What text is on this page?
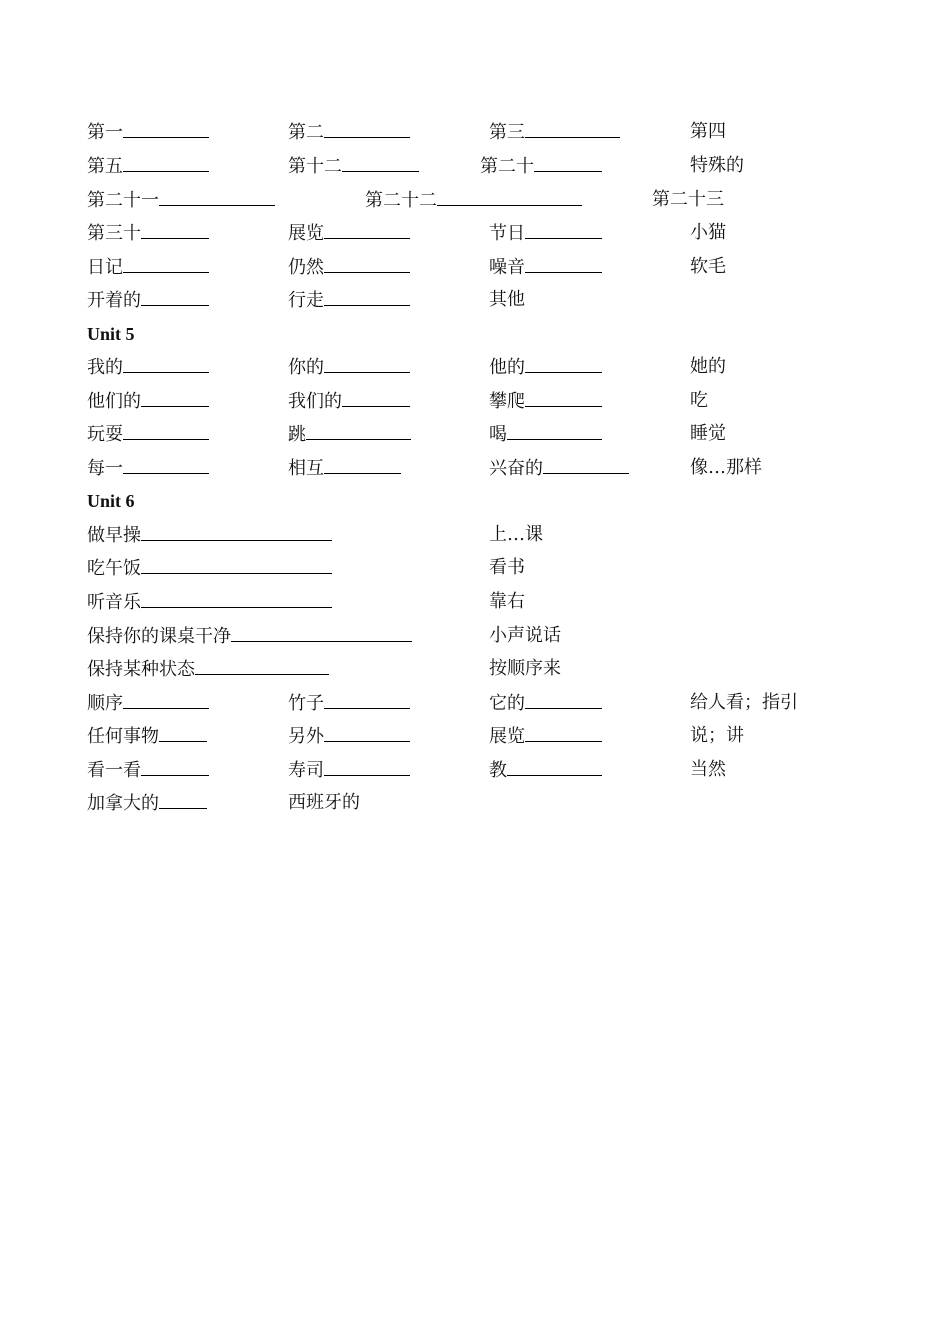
第一	第二	第三	第四
第五	第十二	第二十	特殊的
第二十一	第二十二	第二十三
第三十	展览	节日	小猫
日记	仍然	噪音	软毛
开着的	行走	其他
Unit 5
我的	你的	他的	她的
他们的	我们的	攀爬	吃
玩耍	跳	喝	睡觉
每一	相互	兴奋的	像…那样
Unit 6
做早操	上…课
吃午饭	看书
听音乐	靠右
保持你的课桌干净	小声说话
保持某种状态	按顺序来
顺序	竹子	它的	给人看；指引
任何事物	另外	展览	说；讲
看一看	寿司	教	当然
加拿大的	西班牙的
